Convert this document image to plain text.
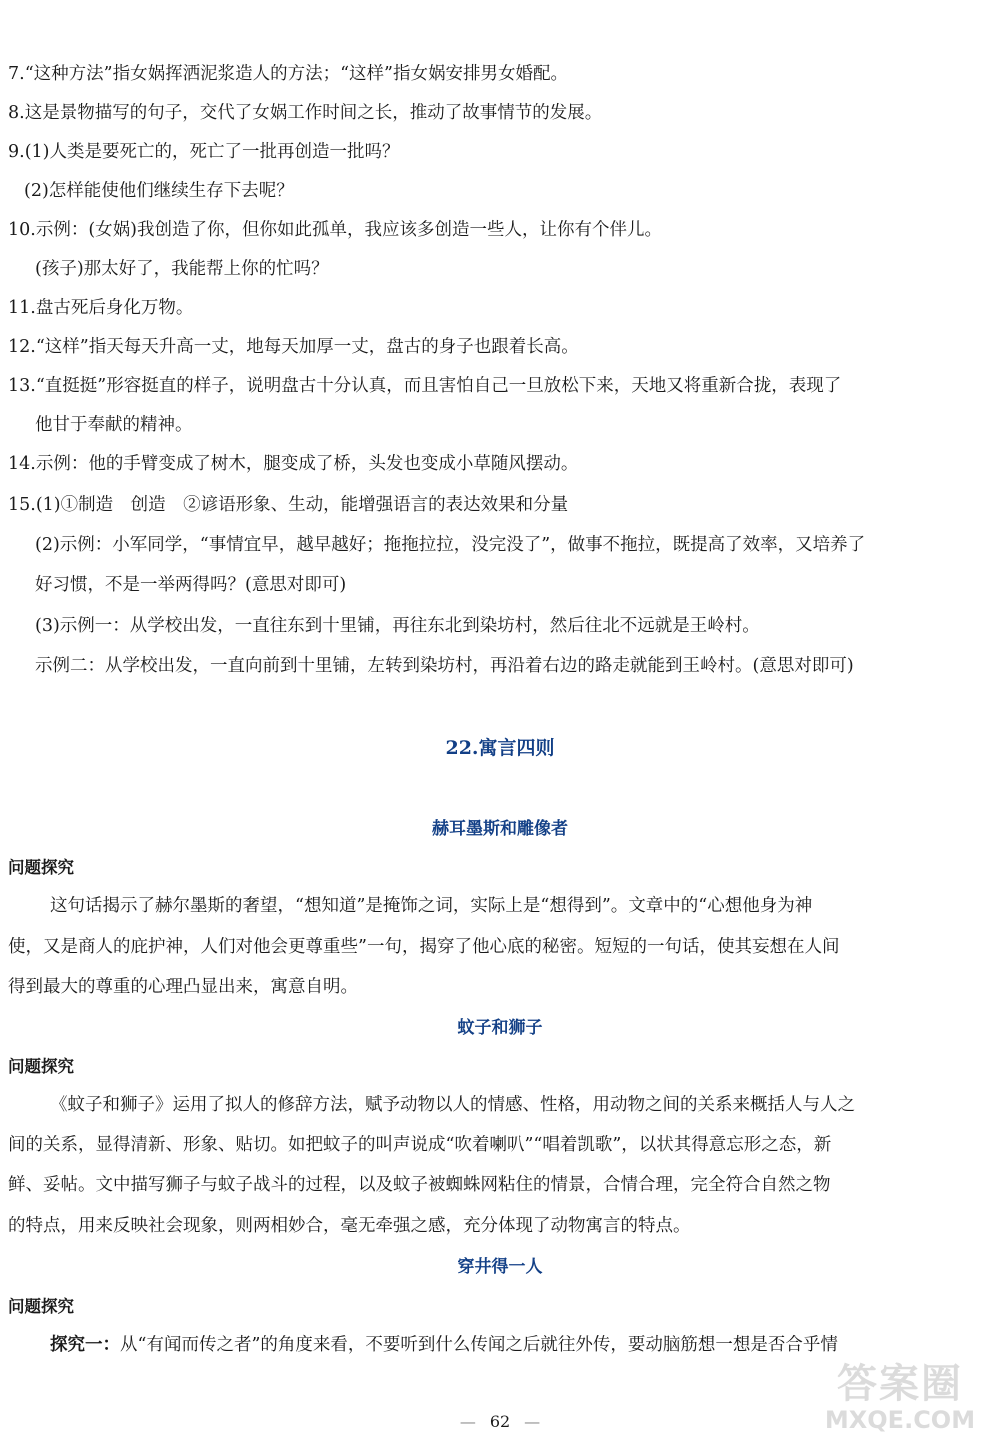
7.“这种方法”指女娲挥洒泥浆造人的方法；“这样”指女娲安排男女婚配。
8.这是景物描写的句子，交代了女娲工作时间之长，推动了故事情节的发展。
9.(1)人类是要死亡的，死亡了一批再创造一批吗？
(2)怎样能使他们继续生存下去呢？
10.示例：(女娲)我创造了你，但你如此孤单，我应该多创造一些人，让你有个伴儿。
(孩子)那太好了，我能帮上你的忙吗？
11.盘古死后身化万物。
12.“这样”指天每天升高一丈，地每天加厚一丈，盘古的身子也跟着长高。
13.“直挺挺”形容挺直的样子，说明盘古十分认真，而且害怕自己一旦放松下来，天地又将重新合拢，表现了
他甘于奉献的精神。
14.示例：他的手臂变成了树木，腿变成了桥，头发也变成小草随风摆动。
15.(1)①制造　创造　②谚语形象、生动，能增强语言的表达效果和分量
(2)示例：小军同学，“事情宜早，越早越好；拖拖拉拉，没完没了”，做事不拖拉，既提高了效率，又培养了
好习惯，不是一举两得吗？(意思对即可)
(3)示例一：从学校出发，一直往东到十里铺，再往东北到染坊村，然后往北不远就是王岭村。
示例二：从学校出发，一直向前到十里铺，左转到染坊村，再沿着右边的路走就能到王岭村。(意思对即可)
22.寓言四则
赫耳墨斯和雕像者
问题探究
这句话揭示了赫尔墨斯的奢望，“想知道”是掩饰之词，实际上是“想得到”。文章中的“心想他身为神
使，又是商人的庇护神，人们对他会更尊重些”一句，揭穿了他心底的秘密。短短的一句话，使其妄想在人间
得到最大的尊重的心理凸显出来，寓意自明。
蚊子和狮子
问题探究
《蚊子和狮子》运用了拟人的修辞方法，赋予动物以人的情感、性格，用动物之间的关系来概括人与人之
间的关系，显得清新、形象、贴切。如把蚊子的叫声说成“吹着喇叭”“唱着凯歌”，以状其得意忘形之态，新
鲜、妥帖。文中描写狮子与蚊子战斗的过程，以及蚊子被蜘蛛网粘住的情景，合情合理，完全符合自然之物
的特点，用来反映社会现象，则两相妙合，毫无牵强之感，充分体现了动物寓言的特点。
穿井得一人
问题探究
探究一：从“有闻而传之者”的角度来看，不要听到什么传闻之后就往外传，要动脑筋想一想是否合乎情
— 62 —
答案圈
MXQE.COM
